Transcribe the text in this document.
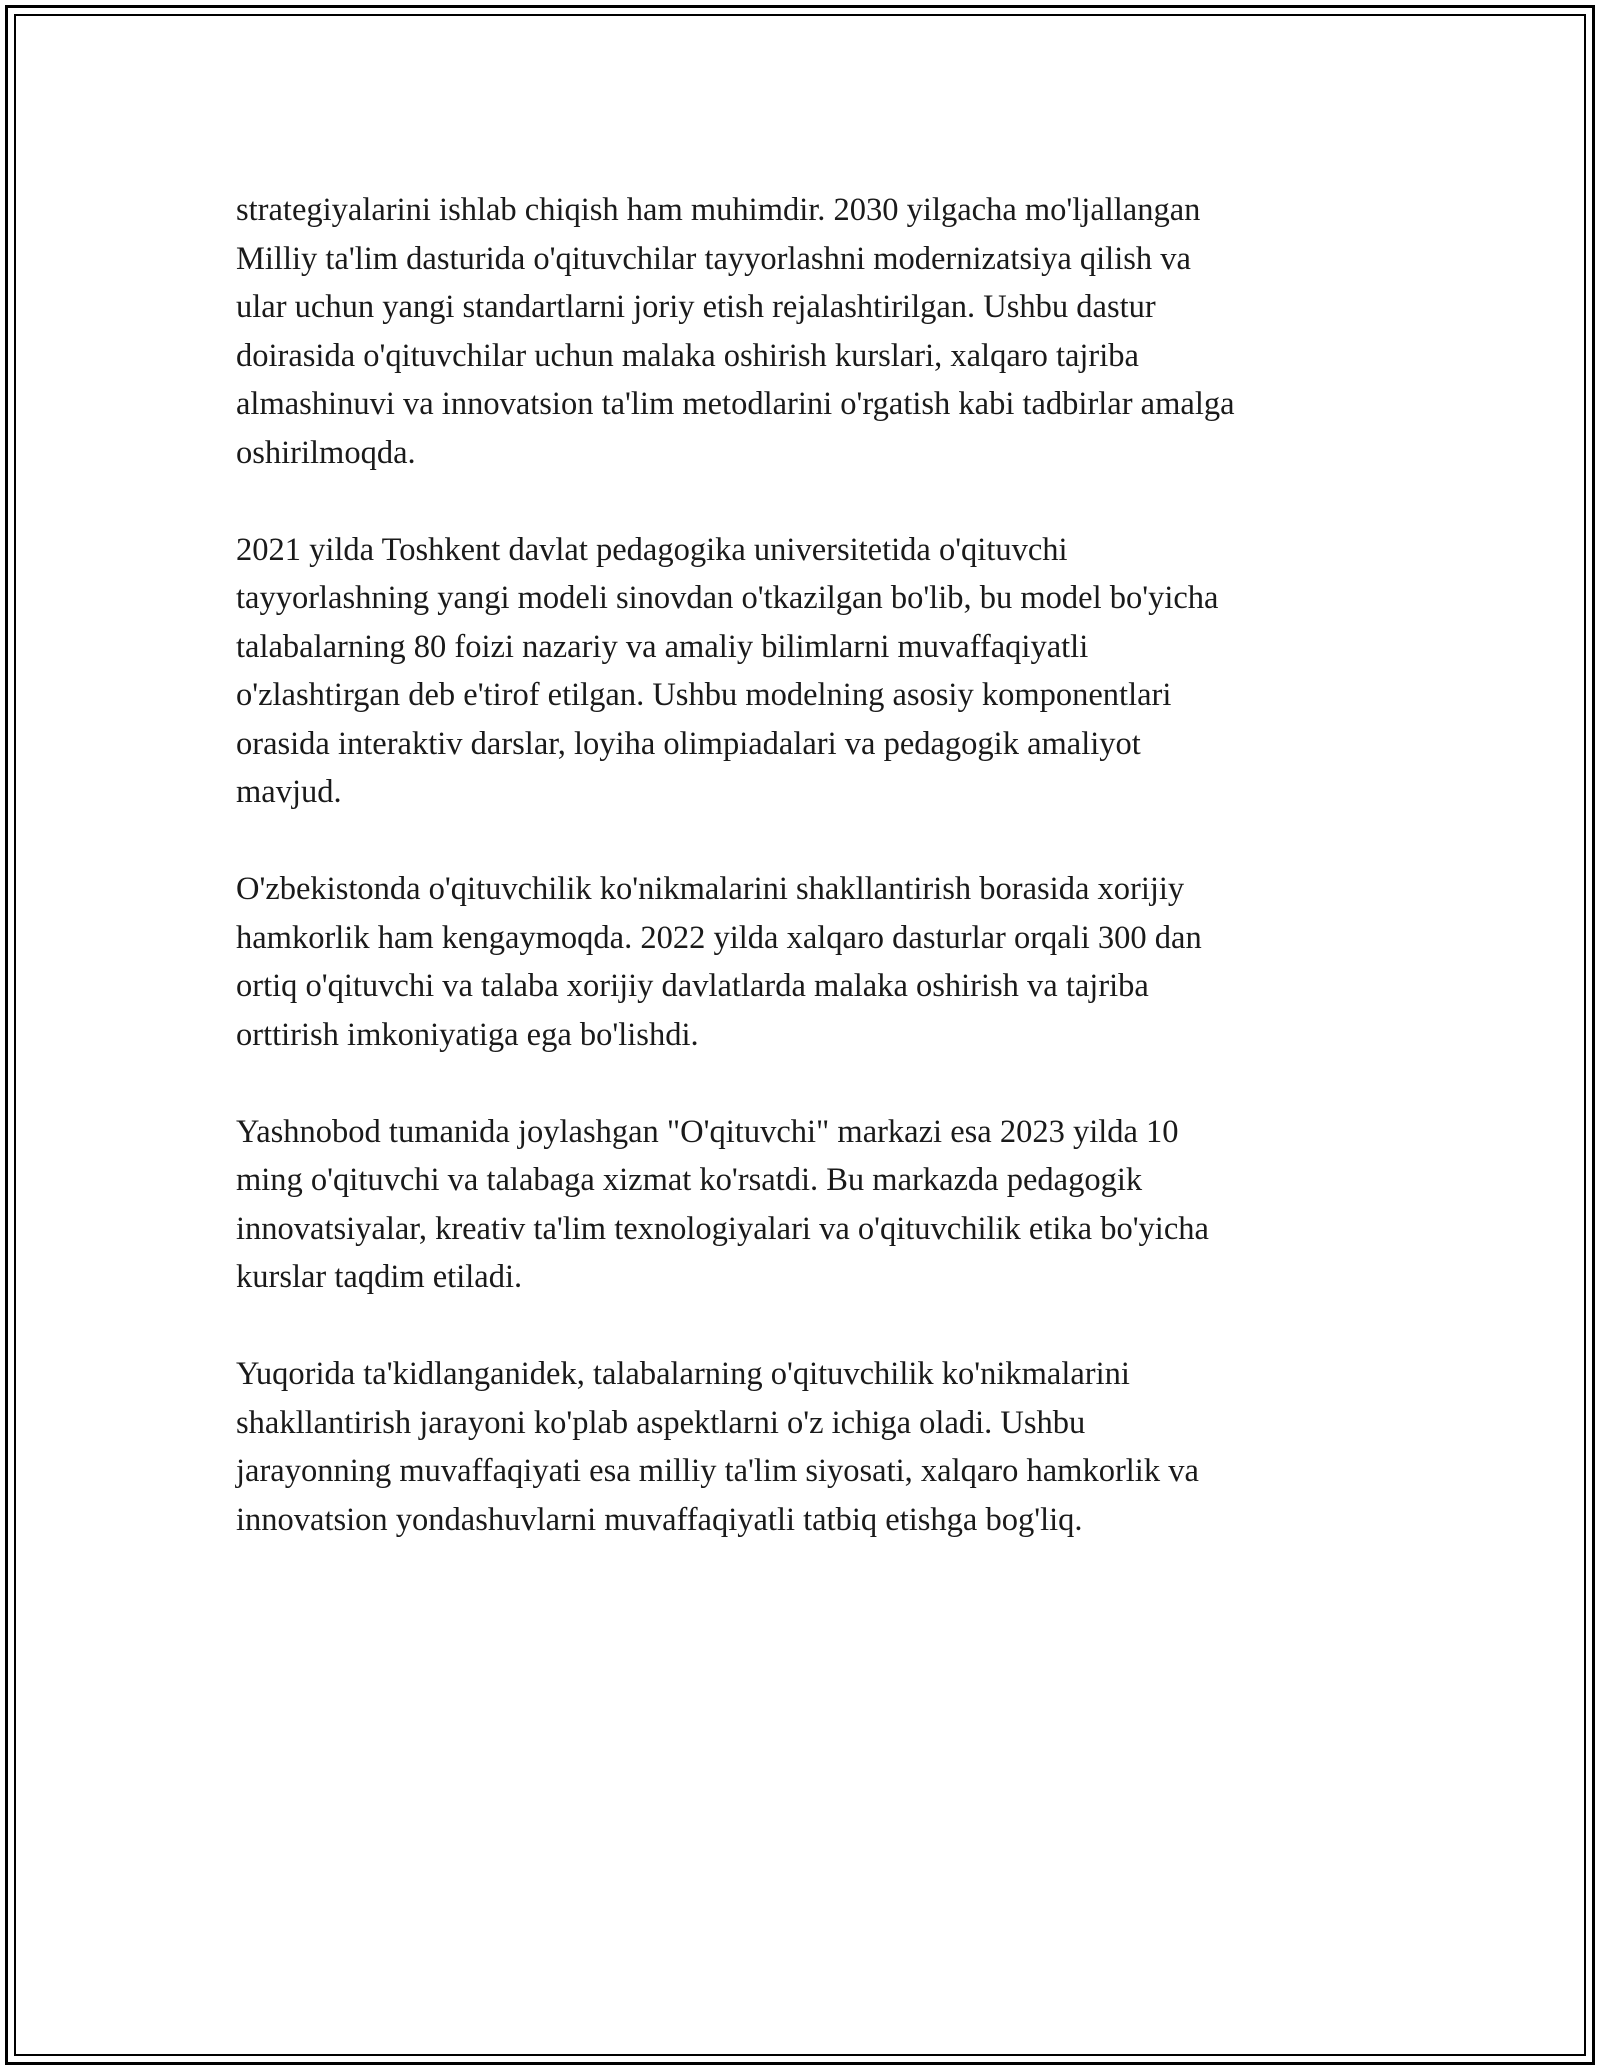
strategiyalarini ishlab chiqish ham muhimdir. 2030 yilgacha mo'ljallangan
Milliy ta'lim dasturida o'qituvchilar tayyorlashni modernizatsiya qilish va
ular uchun yangi standartlarni joriy etish rejalashtirilgan. Ushbu dastur
doirasida o'qituvchilar uchun malaka oshirish kurslari, xalqaro tajriba
almashinuvi va innovatsion ta'lim metodlarini o'rgatish kabi tadbirlar amalga
oshirilmoqda.

2021 yilda Toshkent davlat pedagogika universitetida o'qituvchi
tayyorlashning yangi modeli sinovdan o'tkazilgan bo'lib, bu model bo'yicha
talabalarning 80 foizi nazariy va amaliy bilimlarni muvaffaqiyatli
o'zlashtirgan deb e'tirof etilgan. Ushbu modelning asosiy komponentlari
orasida interaktiv darslar, loyiha olimpiadalari va pedagogik amaliyot
mavjud.

O'zbekistonda o'qituvchilik ko'nikmalarini shakllantirish borasida xorijiy
hamkorlik ham kengaymoqda. 2022 yilda xalqaro dasturlar orqali 300 dan
ortiq o'qituvchi va talaba xorijiy davlatlarda malaka oshirish va tajriba
orttirish imkoniyatiga ega bo'lishdi.

Yashnobod tumanida joylashgan "O'qituvchi" markazi esa 2023 yilda 10
ming o'qituvchi va talabaga xizmat ko'rsatdi. Bu markazda pedagogik
innovatsiyalar, kreativ ta'lim texnologiyalari va o'qituvchilik etika bo'yicha
kurslar taqdim etiladi.

Yuqorida ta'kidlanganidek, talabalarning o'qituvchilik ko'nikmalarini
shakllantirish jarayoni ko'plab aspektlarni o'z ichiga oladi. Ushbu
jarayonning muvaffaqiyati esa milliy ta'lim siyosati, xalqaro hamkorlik va
innovatsion yondashuvlarni muvaffaqiyatli tatbiq etishga bog'liq.
